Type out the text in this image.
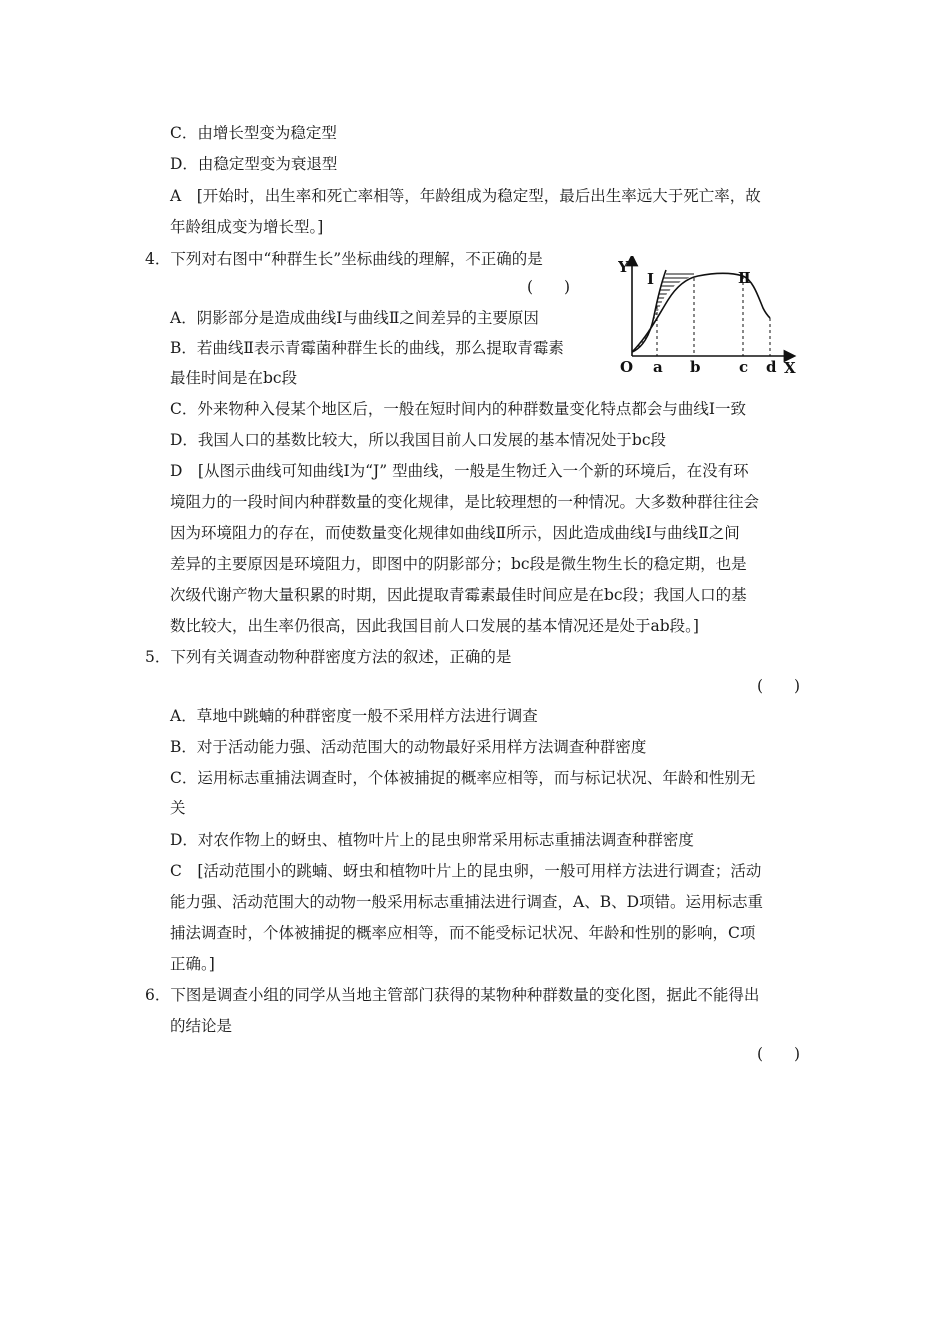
C．由增长型变为稳定型
D．由稳定型变为衰退型
A　[开始时，出生率和死亡率相等，年龄组成为稳定型，最后出生率远大于死亡率，故
年龄组成变为增长型。]
4．下列对右图中“种群生长”坐标曲线的理解，不正确的是
(　　)
A．阴影部分是造成曲线Ⅰ与曲线Ⅱ之间差异的主要原因
B．若曲线Ⅱ表示青霉菌种群生长的曲线，那么提取青霉素
最佳时间是在bc段
C．外来物种入侵某个地区后，一般在短时间内的种群数量变化特点都会与曲线Ⅰ一致
D．我国人口的基数比较大，所以我国目前人口发展的基本情况处于bc段
D　[从图示曲线可知曲线Ⅰ为“J” 型曲线，一般是生物迁入一个新的环境后，在没有环
境阻力的一段时间内种群数量的变化规律，是比较理想的一种情况。大多数种群往往会
因为环境阻力的存在，而使数量变化规律如曲线Ⅱ所示，因此造成曲线Ⅰ与曲线Ⅱ之间
差异的主要原因是环境阻力，即图中的阴影部分；bc段是微生物生长的稳定期，也是
次级代谢产物大量积累的时期，因此提取青霉素最佳时间应是在bc段；我国人口的基
数比较大，出生率仍很高，因此我国目前人口发展的基本情况还是处于ab段。]
Y
Ⅰ	Ⅱ
O a b	c d X
5．下列有关调查动物种群密度方法的叙述，正确的是
(　　)
A．草地中跳蝻的种群密度一般不采用样方法进行调查
B．对于活动能力强、活动范围大的动物最好采用样方法调查种群密度
C．运用标志重捕法调查时，个体被捕捉的概率应相等，而与标记状况、年龄和性别无
关
D．对农作物上的蚜虫、植物叶片上的昆虫卵常采用标志重捕法调查种群密度
C　[活动范围小的跳蝻、蚜虫和植物叶片上的昆虫卵，一般可用样方法进行调查；活动
能力强、活动范围大的动物一般采用标志重捕法进行调查，A、B、D项错。运用标志重
捕法调查时，个体被捕捉的概率应相等，而不能受标记状况、年龄和性别的影响，C项
正确。]
6．下图是调查小组的同学从当地主管部门获得的某物种种群数量的变化图，据此不能得出
的结论是
(　　)
